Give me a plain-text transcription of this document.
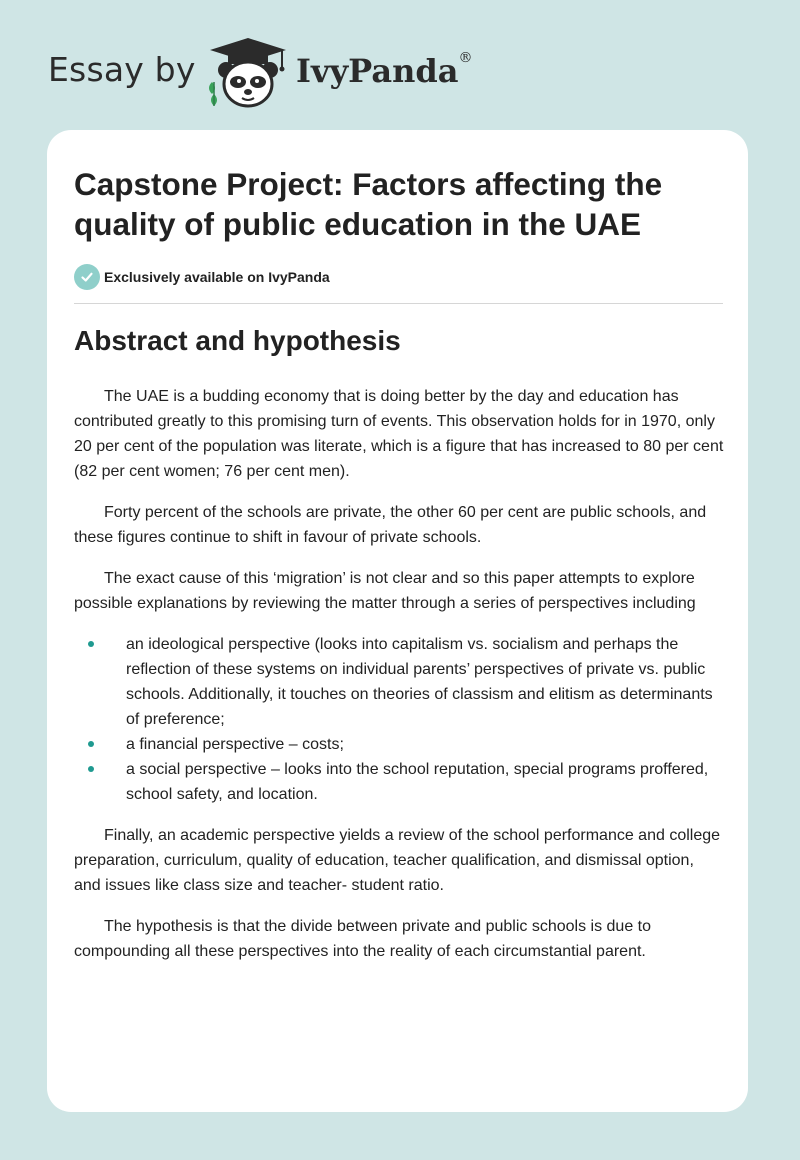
Essay by	IvyPanda®
Capstone Project: Factors affecting the quality of public education in the UAE
Exclusively available on IvyPanda
Abstract and hypothesis

The UAE is a budding economy that is doing better by the day and education has contributed greatly to this promising turn of events. This observation holds for in 1970, only 20 per cent of the population was literate, which is a figure that has increased to 80 per cent (82 per cent women; 76 per cent men).

Forty percent of the schools are private, the other 60 per cent are public schools, and these figures continue to shift in favour of private schools.

The exact cause of this ‘migration’ is not clear and so this paper attempts to explore possible explanations by reviewing the matter through a series of perspectives including

an ideological perspective (looks into capitalism vs. socialism and perhaps the reflection of these systems on individual parents’ perspectives of private vs. public schools. Additionally, it touches on theories of classism and elitism as determinants of preference;
a financial perspective – costs;
a social perspective – looks into the school reputation, special programs proffered, school safety, and location.

Finally, an academic perspective yields a review of the school performance and college preparation, curriculum, quality of education, teacher qualification, and dismissal option, and issues like class size and teacher- student ratio.

The hypothesis is that the divide between private and public schools is due to compounding all these perspectives into the reality of each circumstantial parent.
